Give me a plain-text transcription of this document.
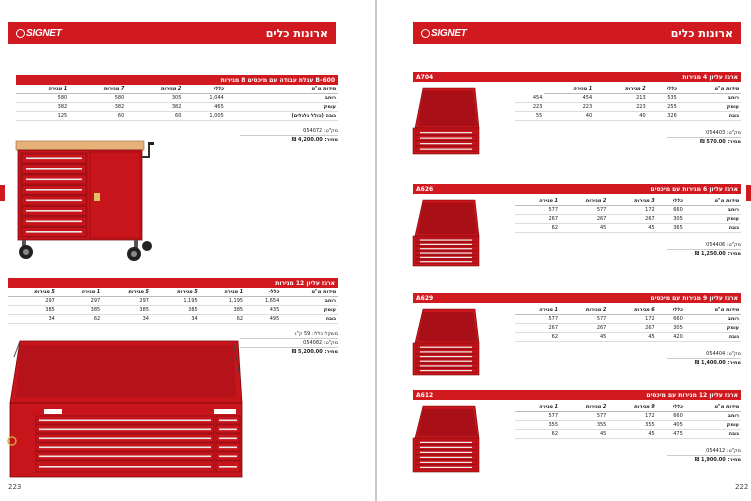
SIGNET	ארונות כלים
עגלת עבודה עם מיכסים 8 מגירות B-600
מידות מ"מ	כללי	2 מגירות	7 מגירות	1 מגירה
רוחב	1,044	305	580	580
עומק	465	382	382	382
גובה (כולל גלגלים)	1,005	60	60	125
מק"ט: 054072
מחיר: 4,200.00 ₪
ארגז עליון 12 מגירות
מידות מ"מ	כללי	1 מגירה	5 מגירות	5 מגירות	1 מגירה	5 מגירות
רוחב	1,654	1,195	1,195	297	297	297
עומק	435	385	385	385	385	385
גובה	495	62	34	34	62	34
משקל כללי: 59 ק"ג
מק"ט: 054082
מחיר: 5,200.00 ₪
223
SIGNET	ארונות כלים
A704	ארגז עליון 4 מגירות
מידות מ"מ	כללי	2 מגירות	1 מגירה	
רוחב	535	213	454	454
עומק	255	223	223	223
גובה	326	40	40	55
מק"ט: 054403
מחיר: 570.00 ₪
A626	ארגז עליון 6 מגירות עם מיכסים
מידות מ"מ	כללי	3 מגירות	2 מגירות	1 מגירה
רוחב	660	172	577	577
עומק	305	267	267	267
גובה	365	45	45	62
מק"ט: 054406
מחיר: 1,250.00 ₪
A629	ארגז עליון 9 מגירות עם מיכסים
מידות מ"מ	כללי	6 מגירות	2 מגירות	1 מגירה
רוחב	660	172	577	577
עומק	305	267	267	267
גובה	420	45	45	62
מק"ט: 054404
מחיר: 1,400.00 ₪
A612	ארגז עליון 12 מגירות עם מיכסים
מידות מ"מ	כללי	9 מגירות	2 מגירות	1 מגירה
רוחב	660	172	577	577
עומק	405	355	355	355
גובה	475	45	45	62
מק"ט: 054412
מחיר: 1,900.00 ₪
222
